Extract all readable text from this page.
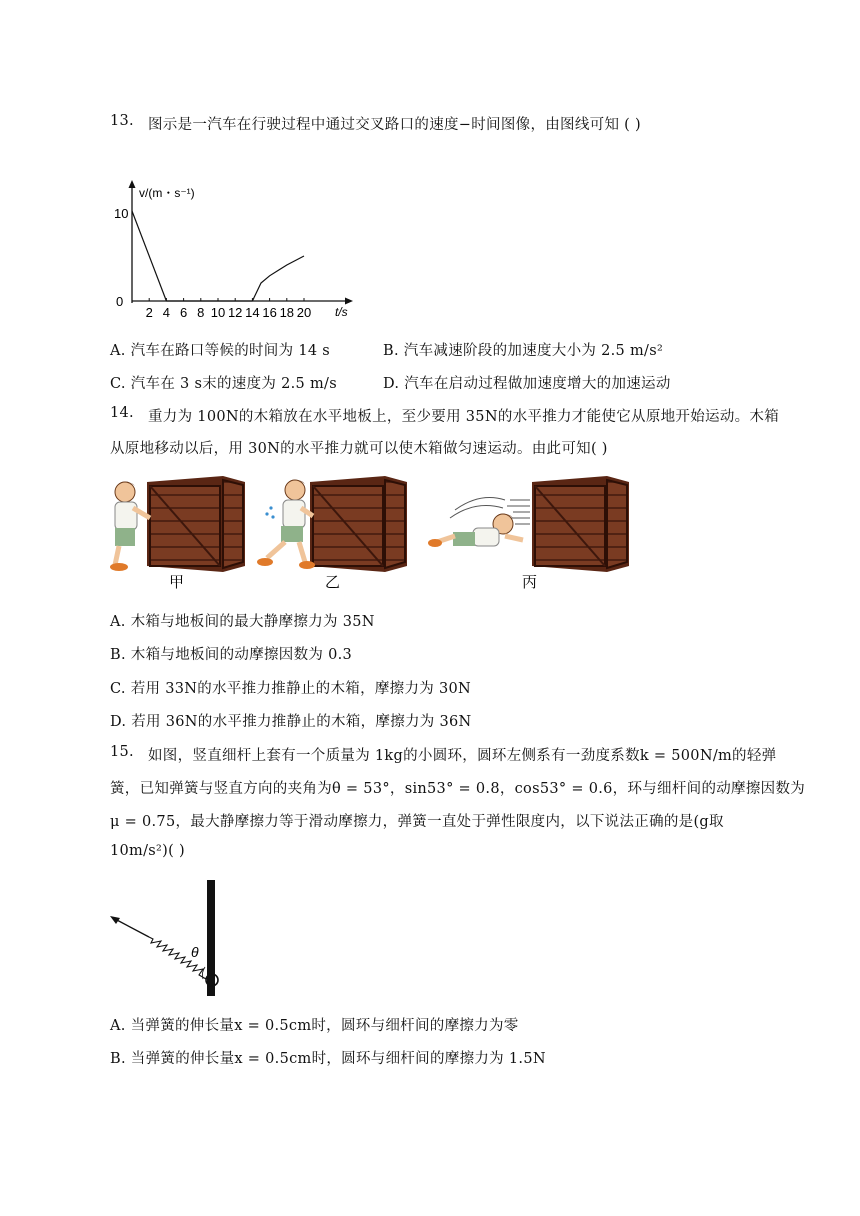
13. 图示是一汽车在行驶过程中通过交叉路口的速度−时间图像，由图线可知 ( )
2 4 6 8 10 12 14 16 18 20
v/(m・s⁻¹)
t/s
10
0
A. 汽车在路口等候的时间为 14 s	B. 汽车减速阶段的加速度大小为 2.5 m/s²
C. 汽车在 3 s末的速度为 2.5 m/s	D. 汽车在启动过程做加速度增大的加速运动
14. 重力为 100N的木箱放在水平地板上，至少要用 35N的水平推力才能使它从原地开始运动。木箱
从原地移动以后，用 30N的水平推力就可以使木箱做匀速运动。由此可知( )
甲	乙	丙
A. 木箱与地板间的最大静摩擦力为 35N
B. 木箱与地板间的动摩擦因数为 0.3
C. 若用 33N的水平推力推静止的木箱，摩擦力为 30N
D. 若用 36N的水平推力推静止的木箱，摩擦力为 36N
15. 如图，竖直细杆上套有一个质量为 1kg的小圆环，圆环左侧系有一劲度系数k = 500N/m的轻弹
簧，已知弹簧与竖直方向的夹角为θ = 53°，sin53° = 0.8，cos53° = 0.6，环与细杆间的动摩擦因数为
μ = 0.75，最大静摩擦力等于滑动摩擦力，弹簧一直处于弹性限度内，以下说法正确的是(g取
10m/s²)( )
θ
A. 当弹簧的伸长量x = 0.5cm时，圆环与细杆间的摩擦力为零
B. 当弹簧的伸长量x = 0.5cm时，圆环与细杆间的摩擦力为 1.5N
